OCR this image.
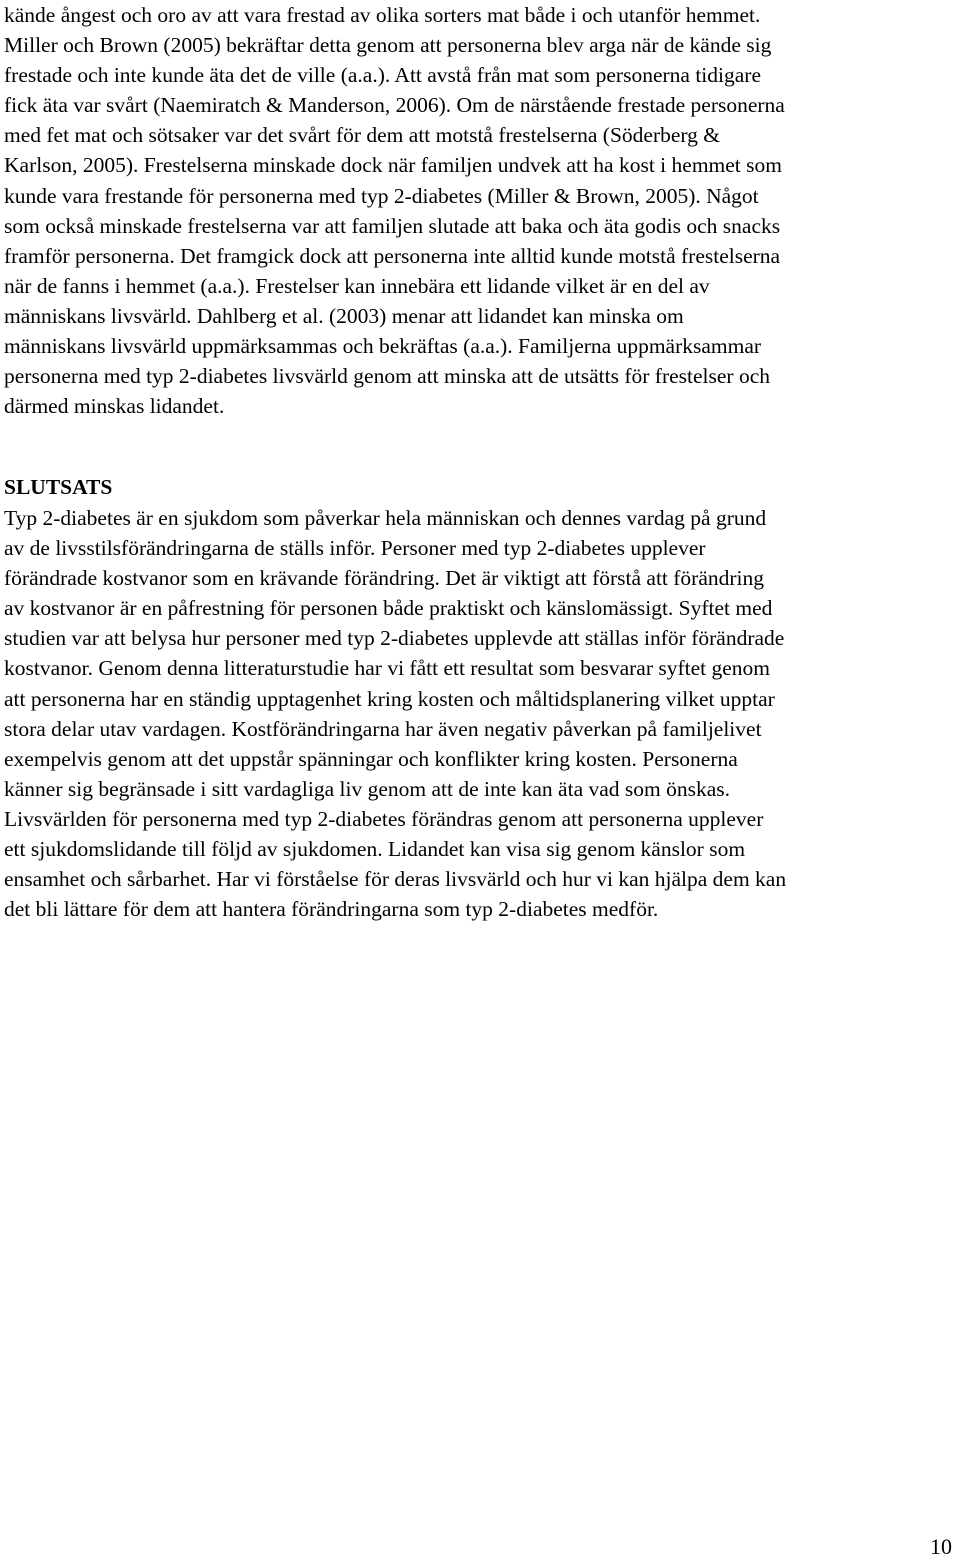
kände ångest och oro av att vara frestad av olika sorters mat både i och utanför hemmet.
Miller och Brown (2005) bekräftar detta genom att personerna blev arga när de kände sig
frestade och inte kunde äta det de ville (a.a.). Att avstå från mat som personerna tidigare
fick äta var svårt (Naemiratch & Manderson, 2006). Om de närstående frestade personerna
med fet mat och sötsaker var det svårt för dem att motstå frestelserna (Söderberg &
Karlson, 2005). Frestelserna minskade dock när familjen undvek att ha kost i hemmet som
kunde vara frestande för personerna med typ 2-diabetes (Miller & Brown, 2005). Något
som också minskade frestelserna var att familjen slutade att baka och äta godis och snacks
framför personerna. Det framgick dock att personerna inte alltid kunde motstå frestelserna
när de fanns i hemmet (a.a.). Frestelser kan innebära ett lidande vilket är en del av
människans livsvärld. Dahlberg et al. (2003) menar att lidandet kan minska om
människans livsvärld uppmärksammas och bekräftas (a.a.). Familjerna uppmärksammar
personerna med typ 2-diabetes livsvärld genom att minska att de utsätts för frestelser och
därmed minskas lidandet.
SLUTSATS
Typ 2-diabetes är en sjukdom som påverkar hela människan och dennes vardag på grund
av de livsstilsförändringarna de ställs inför. Personer med typ 2-diabetes upplever
förändrade kostvanor som en krävande förändring. Det är viktigt att förstå att förändring
av kostvanor är en påfrestning för personen både praktiskt och känslomässigt. Syftet med
studien var att belysa hur personer med typ 2-diabetes upplevde att ställas inför förändrade
kostvanor. Genom denna litteraturstudie har vi fått ett resultat som besvarar syftet genom
att personerna har en ständig upptagenhet kring kosten och måltidsplanering vilket upptar
stora delar utav vardagen. Kostförändringarna har även negativ påverkan på familjelivet
exempelvis genom att det uppstår spänningar och konflikter kring kosten. Personerna
känner sig begränsade i sitt vardagliga liv genom att de inte kan äta vad som önskas.
Livsvärlden för personerna med typ 2-diabetes förändras genom att personerna upplever
ett sjukdomslidande till följd av sjukdomen. Lidandet kan visa sig genom känslor som
ensamhet och sårbarhet. Har vi förståelse för deras livsvärld och hur vi kan hjälpa dem kan
det bli lättare för dem att hantera förändringarna som typ 2-diabetes medför.
10
